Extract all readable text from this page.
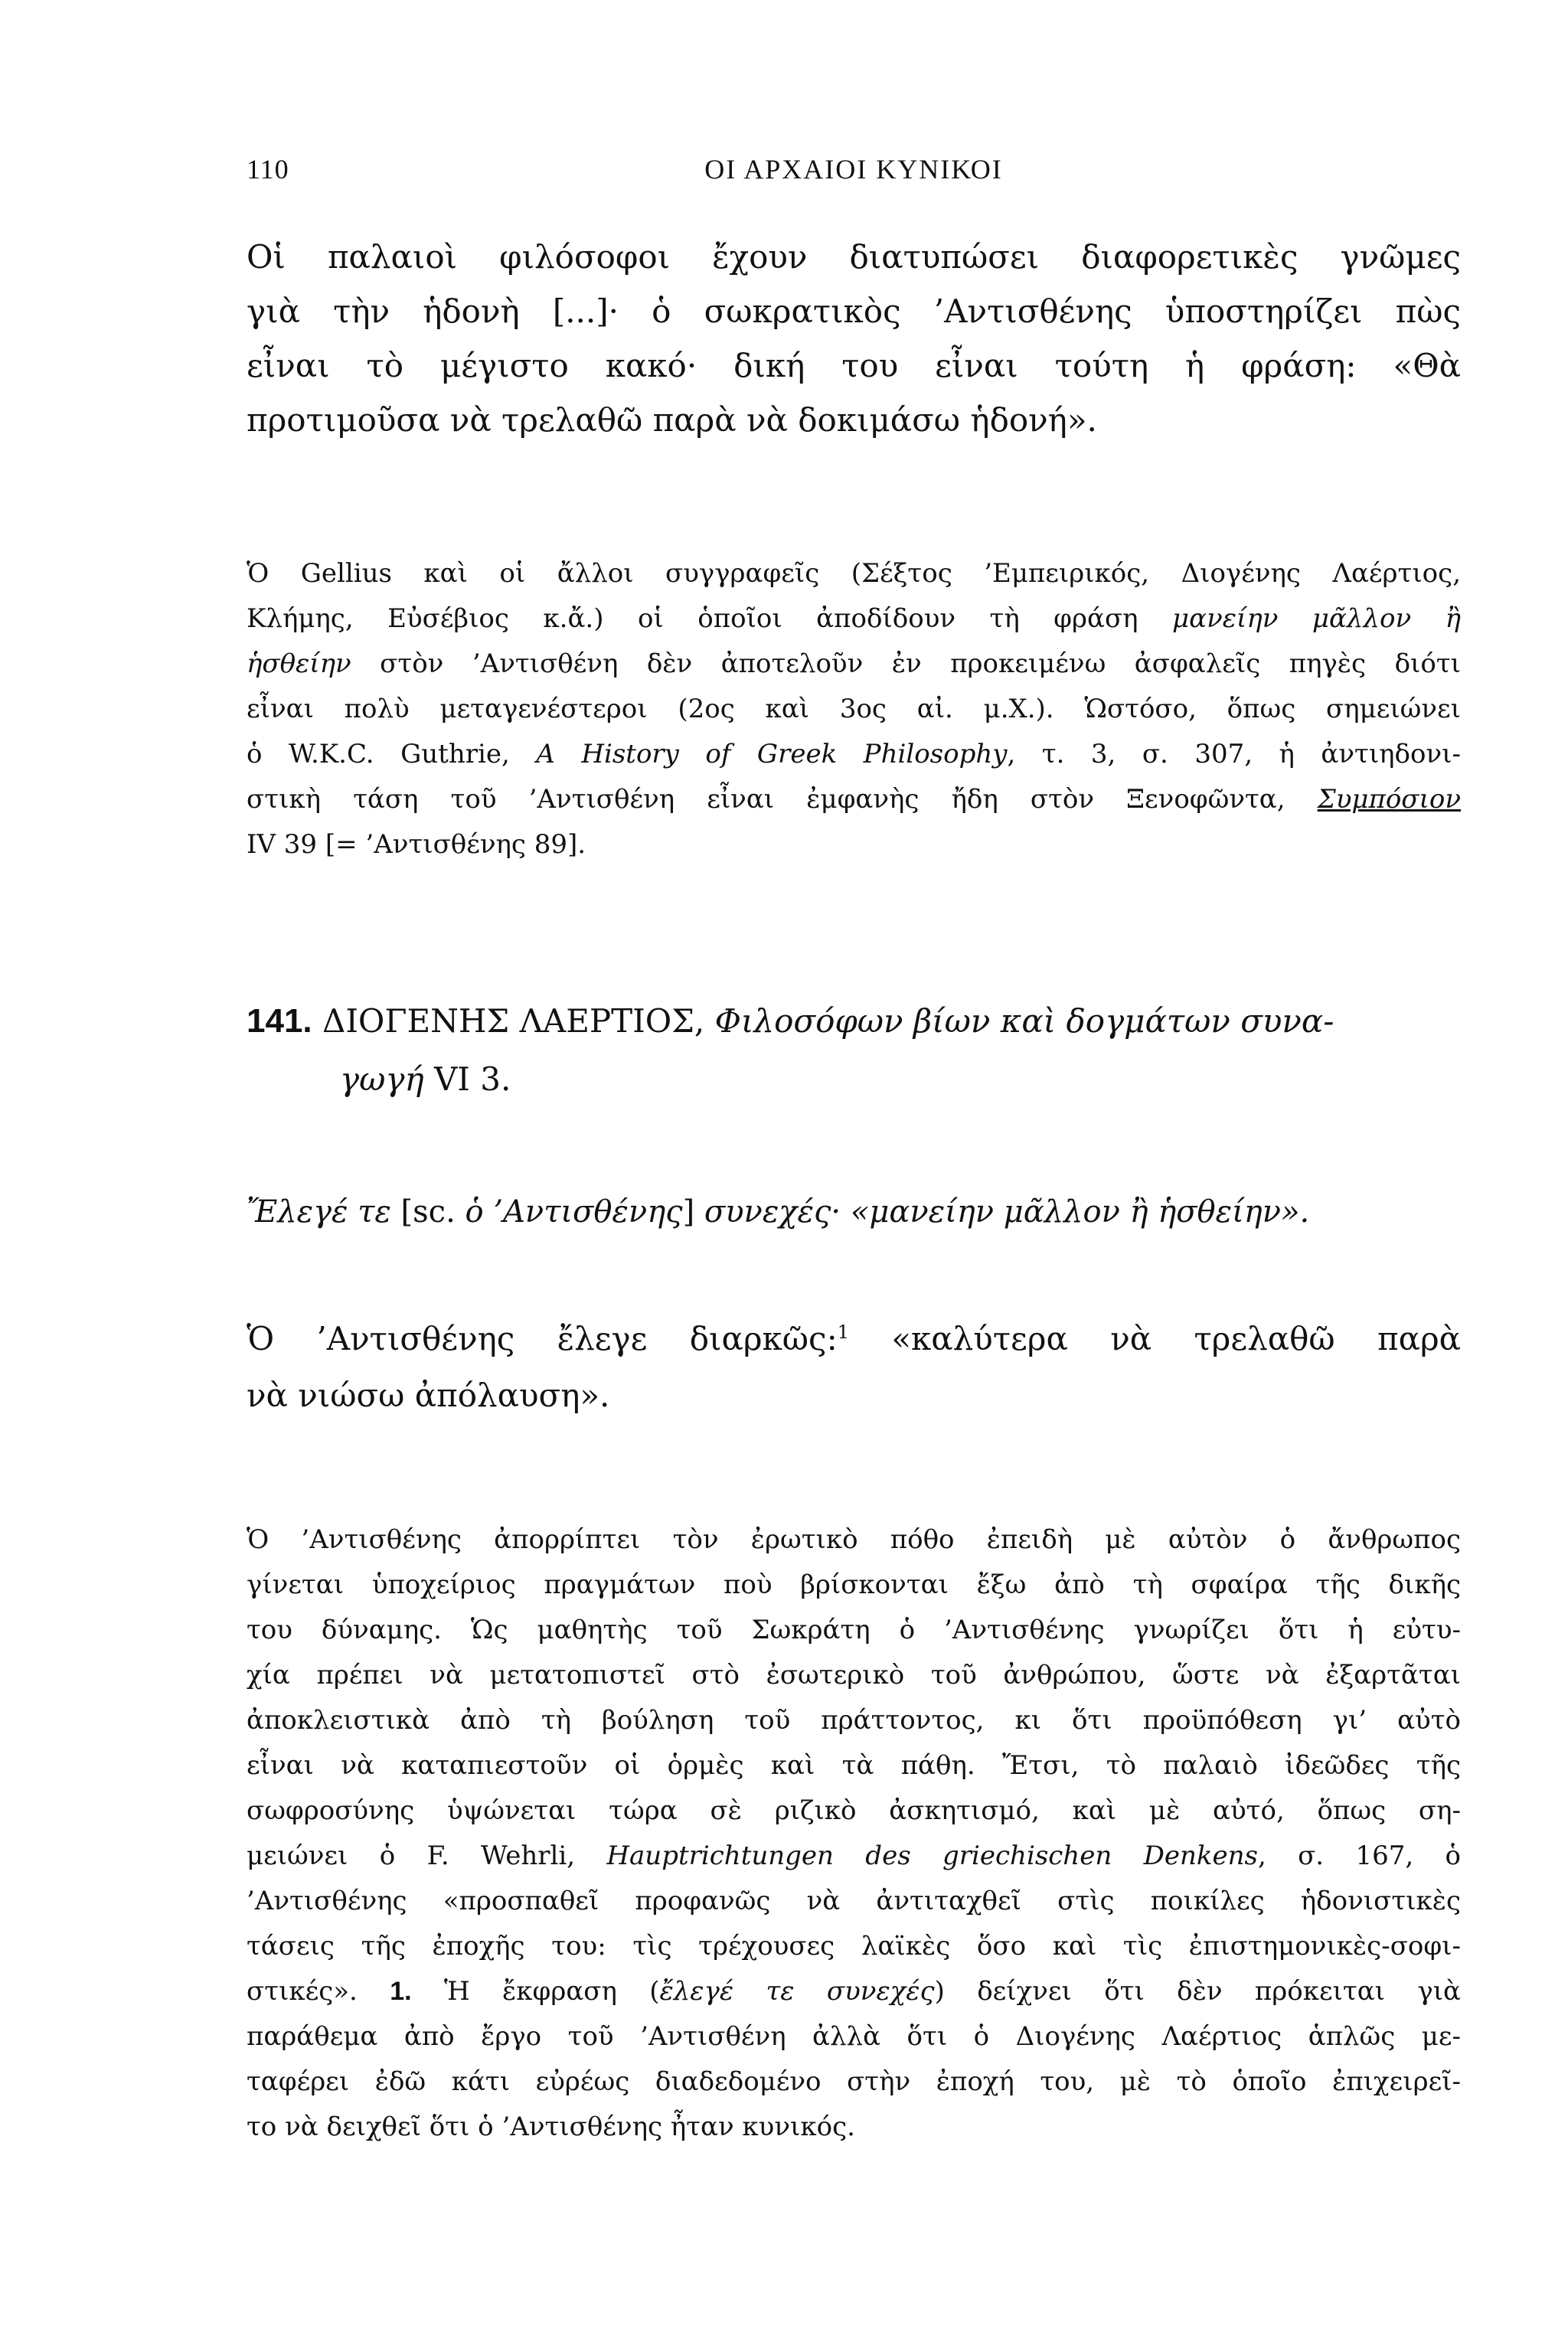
110	ΟΙ ΑΡΧΑΙΟΙ ΚΥΝΙΚΟΙ
Οἱ παλαιοὶ φιλόσοφοι ἔχουν διατυπώσει διαφορετικὲς γνῶμες
γιὰ τὴν ἡδονὴ [...]· ὁ σωκρατικὸς ’Αντισθένης ὑποστηρίζει πὼς
εἶναι τὸ μέγιστο κακό· δική του εἶναι τούτη ἡ φράση: «Θὰ
προτιμοῦσα νὰ τρελαθῶ παρὰ νὰ δοκιμάσω ἡδονή».
Ὁ Gellius καὶ οἱ ἄλλοι συγγραφεῖς (Σέξτος ’Εμπειρικός, Διογένης Λαέρτιος,
Κλήμης, Εὐσέβιος κ.ἄ.) οἱ ὁποῖοι ἀποδίδουν τὴ φράση μανείην μᾶλλον ἢ
ἡσθείην στὸν ’Αντισθένη δὲν ἀποτελοῦν ἐν προκειμένω ἀσφαλεῖς πηγὲς διότι
εἶναι πολὺ μεταγενέστεροι (2ος καὶ 3ος αἰ. μ.Χ.). Ὡστόσο, ὅπως σημειώνει
ὁ W.K.C. Guthrie, A History of Greek Philosophy, τ. 3, σ. 307, ἡ ἀντιηδονι-
στικὴ τάση τοῦ ’Αντισθένη εἶναι ἐμφανὴς ἤδη στὸν Ξενοφῶντα, Συμπόσιον
IV 39 [= ’Αντισθένης 89].
141. ΔΙΟΓΕΝΗΣ ΛΑΕΡΤΙΟΣ, Φιλοσόφων βίων καὶ δογμάτων συνα-
γωγή VI 3.
Ἔλεγέ τε [sc. ὁ ’Αντισθένης] συνεχές· «μανείην μᾶλλον ἢ ἡσθείην».
Ὁ ’Αντισθένης ἔλεγε διαρκῶς:$^1$ «καλύτερα νὰ τρελαθῶ παρὰ
νὰ νιώσω ἀπόλαυση».
Ὁ ’Αντισθένης ἀπορρίπτει τὸν ἐρωτικὸ πόθο ἐπειδὴ μὲ αὐτὸν ὁ ἄνθρωπος
γίνεται ὑποχείριος πραγμάτων ποὺ βρίσκονται ἔξω ἀπὸ τὴ σφαίρα τῆς δικῆς
του δύναμης. Ὡς μαθητὴς τοῦ Σωκράτη ὁ ’Αντισθένης γνωρίζει ὅτι ἡ εὐτυ-
χία πρέπει νὰ μετατοπιστεῖ στὸ ἐσωτερικὸ τοῦ ἀνθρώπου, ὥστε νὰ ἐξαρτᾶται
ἀποκλειστικὰ ἀπὸ τὴ βούληση τοῦ πράττοντος, κι ὅτι προϋπόθεση γι’ αὐτὸ
εἶναι νὰ καταπιεστοῦν οἱ ὁρμὲς καὶ τὰ πάθη. Ἔτσι, τὸ παλαιὸ ἰδεῶδες τῆς
σωφροσύνης ὑψώνεται τώρα σὲ ριζικὸ ἀσκητισμό, καὶ μὲ αὐτό, ὅπως ση-
μειώνει ὁ F. Wehrli, Hauptrichtungen des griechischen Denkens, σ. 167, ὁ
’Αντισθένης «προσπαθεῖ προφανῶς νὰ ἀντιταχθεῖ στὶς ποικίλες ἡδονιστικὲς
τάσεις τῆς ἐποχῆς του: τὶς τρέχουσες λαϊκὲς ὅσο καὶ τὶς ἐπιστημονικὲς-σοφι-
στικές». 1. Ἡ ἔκφραση (ἔλεγέ τε συνεχές) δείχνει ὅτι δὲν πρόκειται γιὰ
παράθεμα ἀπὸ ἔργο τοῦ ’Αντισθένη ἀλλὰ ὅτι ὁ Διογένης Λαέρτιος ἁπλῶς με-
ταφέρει ἐδῶ κάτι εὐρέως διαδεδομένο στὴν ἐποχή του, μὲ τὸ ὁποῖο ἐπιχειρεῖ-
το νὰ δειχθεῖ ὅτι ὁ ’Αντισθένης ἦταν κυνικός.
